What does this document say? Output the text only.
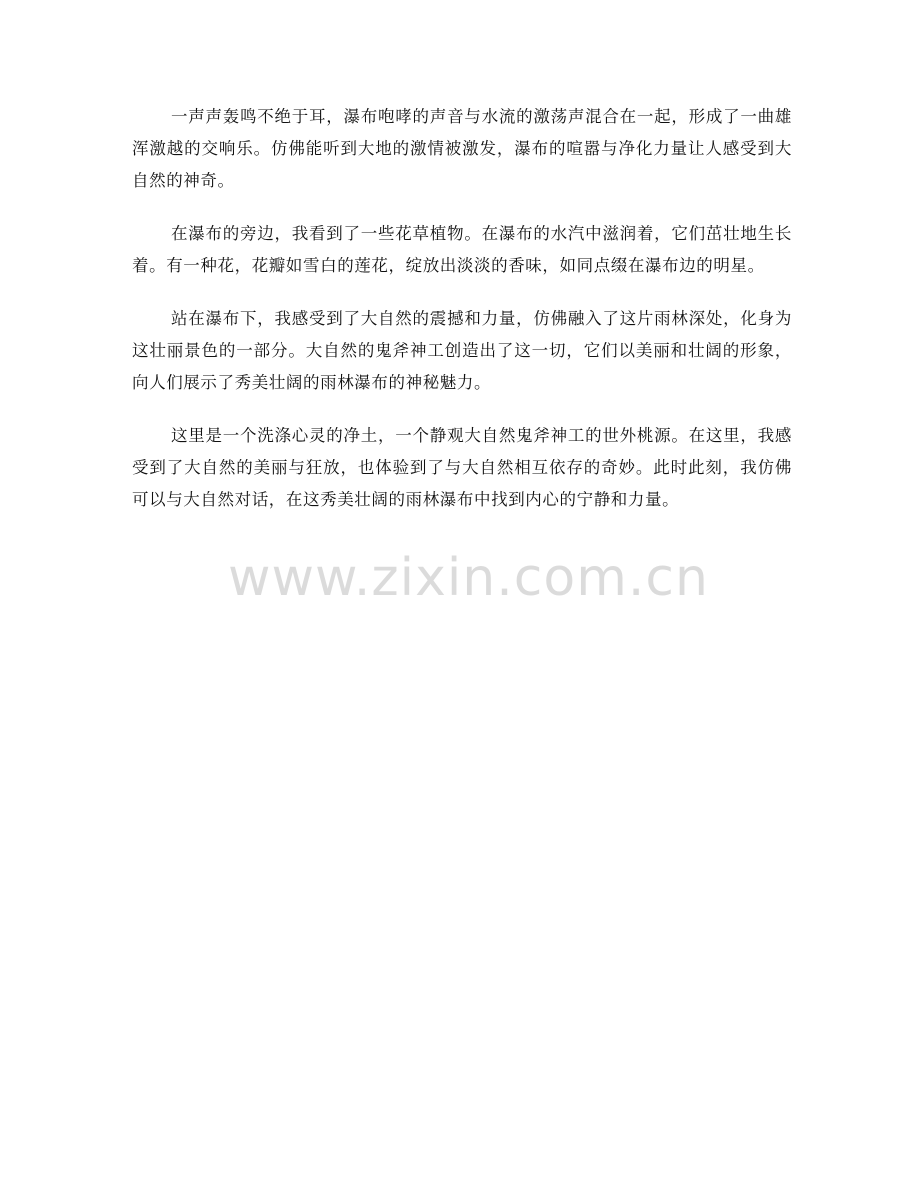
一声声轰鸣不绝于耳，瀑布咆哮的声音与水流的激荡声混合在一起，形成了一曲雄浑激越的交响乐。仿佛能听到大地的激情被激发，瀑布的喧嚣与净化力量让人感受到大自然的神奇。

在瀑布的旁边，我看到了一些花草植物。在瀑布的水汽中滋润着，它们茁壮地生长着。有一种花，花瓣如雪白的莲花，绽放出淡淡的香味，如同点缀在瀑布边的明星。

站在瀑布下，我感受到了大自然的震撼和力量，仿佛融入了这片雨林深处，化身为这壮丽景色的一部分。大自然的鬼斧神工创造出了这一切，它们以美丽和壮阔的形象，向人们展示了秀美壮阔的雨林瀑布的神秘魅力。

这里是一个洗涤心灵的净土，一个静观大自然鬼斧神工的世外桃源。在这里，我感受到了大自然的美丽与狂放，也体验到了与大自然相互依存的奇妙。此时此刻，我仿佛可以与大自然对话，在这秀美壮阔的雨林瀑布中找到内心的宁静和力量。

www.zixin.com.cn
